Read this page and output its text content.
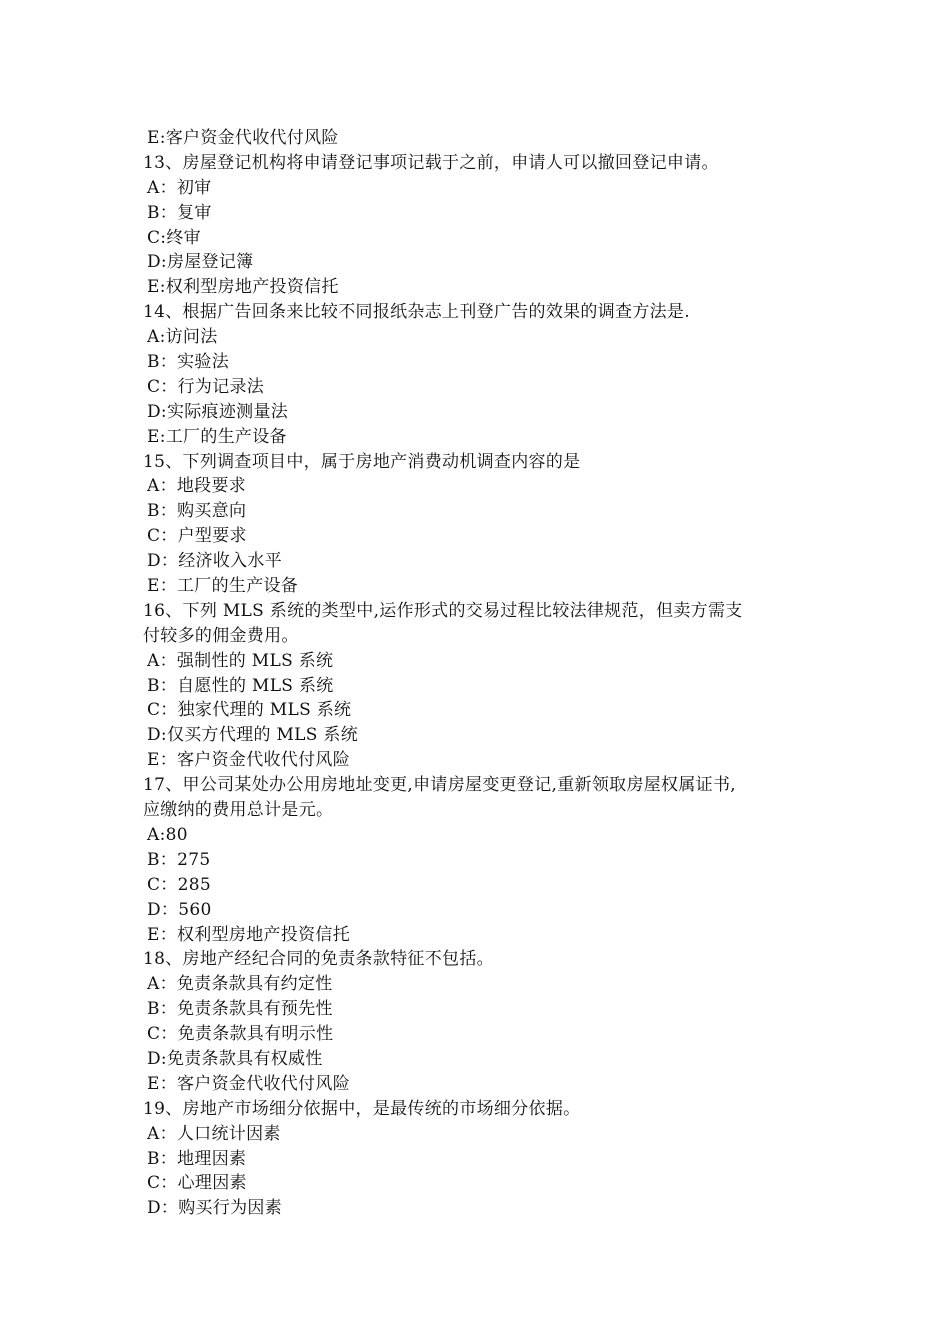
E:客户资金代收代付风险
13、房屋登记机构将申请登记事项记载于之前，申请人可以撤回登记申请。
A：初审
B：复审
C:终审
D:房屋登记簿
E:权利型房地产投资信托
14、根据广告回条来比较不同报纸杂志上刊登广告的效果的调查方法是.
A:访问法
B：实验法
C：行为记录法
D:实际痕迹测量法
E:工厂的生产设备
15、下列调查项目中，属于房地产消费动机调查内容的是
A：地段要求
B：购买意向
C：户型要求
D：经济收入水平
E：工厂的生产设备
16、下列 MLS 系统的类型中,运作形式的交易过程比较法律规范，但卖方需支
付较多的佣金费用。
A：强制性的 MLS 系统
B：自愿性的 MLS 系统
C：独家代理的 MLS 系统
D:仅买方代理的 MLS 系统
E：客户资金代收代付风险
17、甲公司某处办公用房地址变更,申请房屋变更登记,重新领取房屋权属证书,
应缴纳的费用总计是元。
A:80
B：275
C：285
D：560
E：权利型房地产投资信托
18、房地产经纪合同的免责条款特征不包括。
A：免责条款具有约定性
B：免责条款具有预先性
C：免责条款具有明示性
D:免责条款具有权威性
E：客户资金代收代付风险
19、房地产市场细分依据中，是最传统的市场细分依据。
A：人口统计因素
B：地理因素
C：心理因素
D：购买行为因素
